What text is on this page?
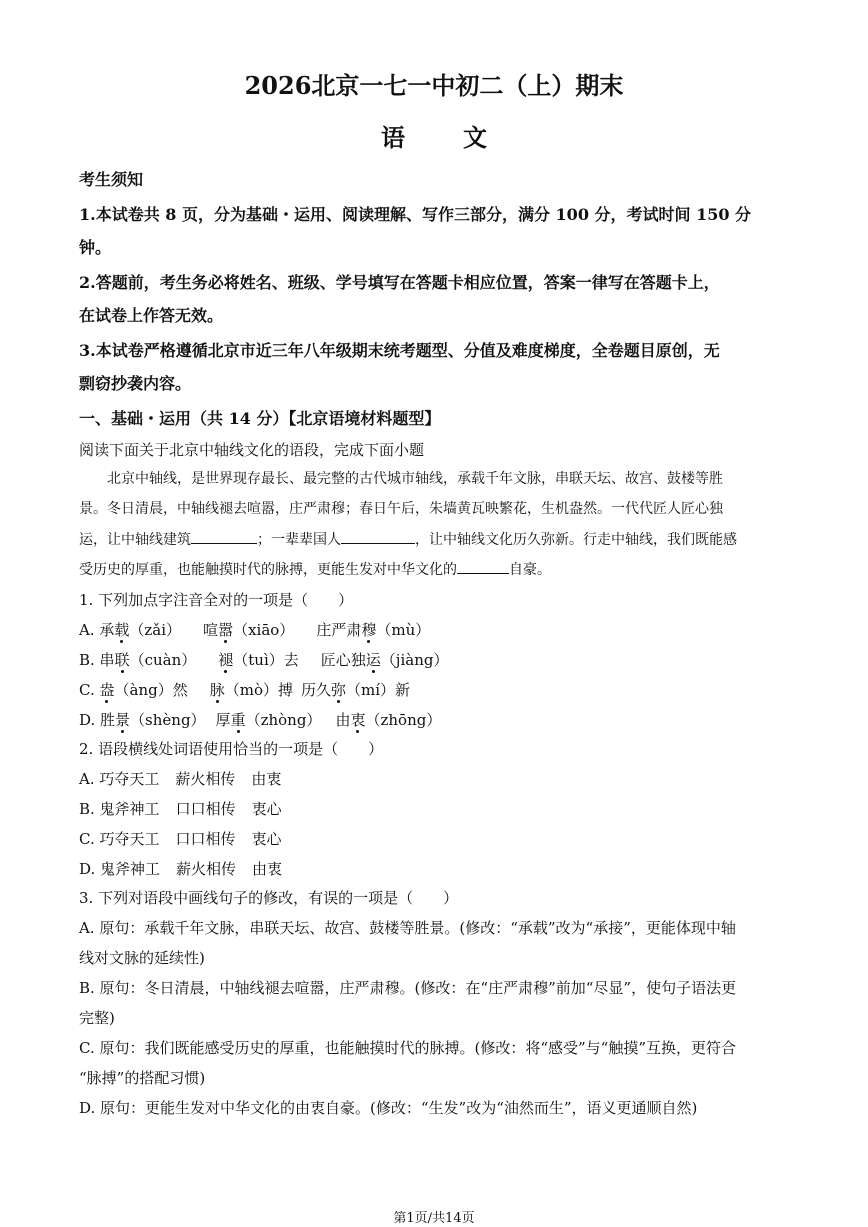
2026北京一七一中初二（上）期末
语文
考生须知
1.本试卷共 8 页，分为基础・运用、阅读理解、写作三部分，满分 100 分，考试时间 150 分
钟。
2.答题前，考生务必将姓名、班级、学号填写在答题卡相应位置，答案一律写在答题卡上，
在试卷上作答无效。
3.本试卷严格遵循北京市近三年八年级期末统考题型、分值及难度梯度，全卷题目原创，无
剽窃抄袭内容。
一、基础・运用（共 14 分）【北京语境材料题型】
阅读下面关于北京中轴线文化的语段，完成下面小题
北京中轴线，是世界现存最长、最完整的古代城市轴线，承载千年文脉，串联天坛、故宫、鼓楼等胜
景。冬日清晨，中轴线褪去喧嚣，庄严肃穆；春日午后，朱墙黄瓦映繁花，生机盎然。一代代匠人匠心独
运，让中轴线建筑	；一辈辈国人	，让中轴线文化历久弥新。行走中轴线，我们既能感
受历史的厚重，也能触摸时代的脉搏，更能生发对中华文化的	自豪。
1. 下列加点字注音全对的一项是（　　）
A. 承载（zǎi） 喧嚣（xiāo） 庄严肃穆（mù）
B. 串联（cuàn） 褪（tuì）去 匠心独运（jiàng）
C. 盎（àng）然 脉（mò）搏 历久弥（mí）新
D. 胜景（shèng） 厚重（zhòng） 由衷（zhōng）
2. 语段横线处词语使用恰当的一项是（　　）
A. 巧夺天工 薪火相传 由衷
B. 鬼斧神工 口口相传 衷心
C. 巧夺天工 口口相传 衷心
D. 鬼斧神工 薪火相传 由衷
3. 下列对语段中画线句子的修改，有误的一项是（　　）
A. 原句：承载千年文脉，串联天坛、故宫、鼓楼等胜景。(修改：“承载”改为“承接”，更能体现中轴
线对文脉的延续性)
B. 原句：冬日清晨，中轴线褪去喧嚣，庄严肃穆。(修改：在“庄严肃穆”前加“尽显”，使句子语法更
完整)
C. 原句：我们既能感受历史的厚重，也能触摸时代的脉搏。(修改：将“感受”与“触摸”互换，更符合
“脉搏”的搭配习惯)
D. 原句：更能生发对中华文化的由衷自豪。(修改：“生发”改为“油然而生”，语义更通顺自然)
第1页/共14页
